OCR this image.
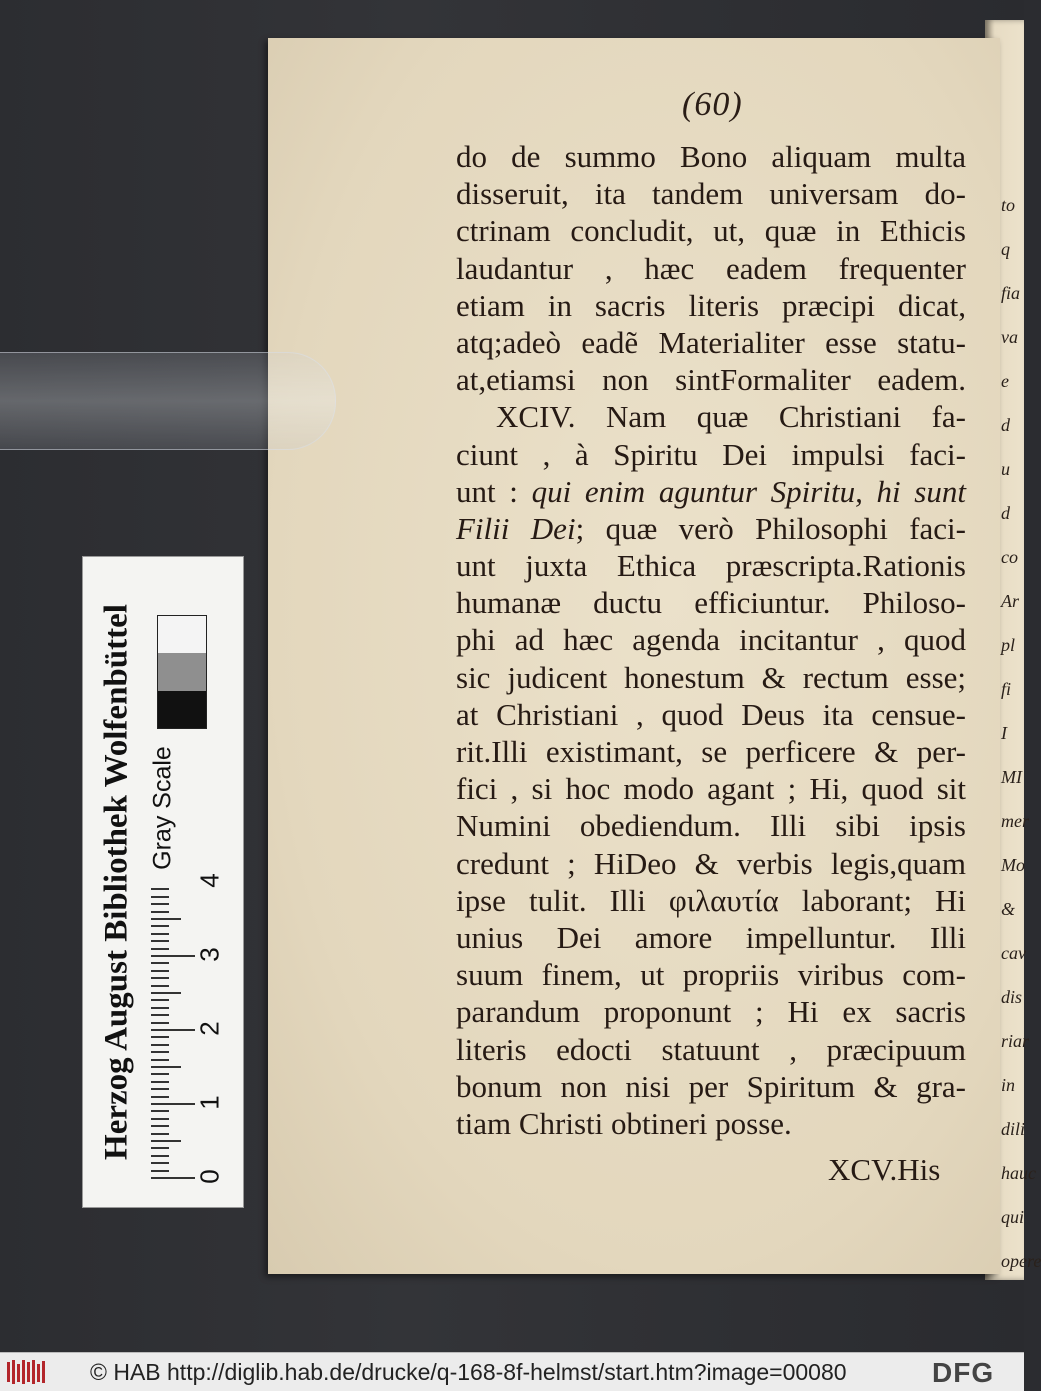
to
q
fia
va
e
d
u
d
co
Ar
pl
fi
I
MI
mer
Mo
&
cav
dis
riar
in
dili
hauc
qui
opere
(60)
do de summo Bono aliquam multa
disseruit, ita tandem universam do-
ctrinam concludit, ut, quæ in Ethicis
laudantur , hæc eadem frequenter
etiam in sacris literis præcipi dicat,
atq;adeò eadẽ Materialiter esse statu-
at,etiamsi non sintFormaliter eadem.
XCIV. Nam quæ Christiani fa-
ciunt , à Spiritu Dei impulsi faci-
unt : qui enim aguntur Spiritu, hi sunt
Filii Dei; quæ verò Philosophi faci-
unt juxta Ethica præscripta.Rationis
humanæ ductu efficiuntur. Philoso-
phi ad hæc agenda incitantur , quod
sic judicent honestum & rectum esse;
at Christiani , quod Deus ita censue-
rit.Illi existimant, se perficere & per-
fici , si hoc modo agant ; Hi, quod sit
Numini obediendum. Illi sibi ipsis
credunt ; HiDeo & verbis legis,quam
ipse tulit. Illi φιλαυτία laborant; Hi
unius Dei amore impelluntur. Illi
suum finem, ut propriis viribus com-
parandum proponunt ; Hi ex sacris
literis edocti statuunt , præcipuum
bonum non nisi per Spiritum & gra-
tiam Christi obtineri posse.
XCV.His
Herzog August Bibliothek Wolfenbüttel Gray Scale
0
1
2
3
4
© HAB http://diglib.hab.de/drucke/q-168-8f-helmst/start.htm?image=00080	DFG
